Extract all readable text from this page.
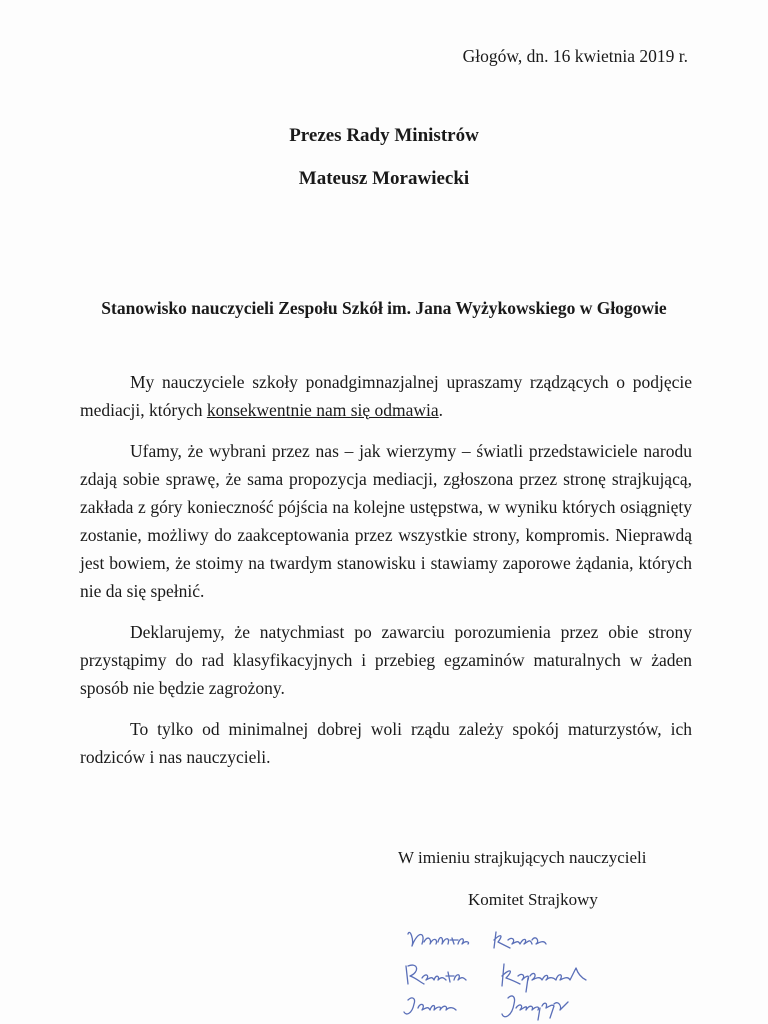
Głogów, dn. 16 kwietnia 2019 r.
Prezes Rady Ministrów
Mateusz Morawiecki
Stanowisko nauczycieli Zespołu Szkół im. Jana Wyżykowskiego w Głogowie

My nauczyciele szkoły ponadgimnazjalnej upraszamy rządzących o podjęcie mediacji, których konsekwentnie nam się odmawia.

Ufamy, że wybrani przez nas – jak wierzymy – światli przedstawiciele narodu zdają sobie sprawę, że sama propozycja mediacji, zgłoszona przez stronę strajkującą, zakłada z góry konieczność pójścia na kolejne ustępstwa, w wyniku których osiągnięty zostanie, możliwy do zaakceptowania przez wszystkie strony, kompromis. Nieprawdą jest bowiem, że stoimy na twardym stanowisku i stawiamy zaporowe żądania, których nie da się spełnić.

Deklarujemy, że natychmiast po zawarciu porozumienia przez obie strony przystąpimy do rad klasyfikacyjnych i przebieg egzaminów maturalnych w żaden sposób nie będzie zagrożony.

To tylko od minimalnej dobrej woli rządu zależy spokój maturzystów, ich rodziców i nas nauczycieli.

W imieniu strajkujących nauczycieli
Komitet Strajkowy
